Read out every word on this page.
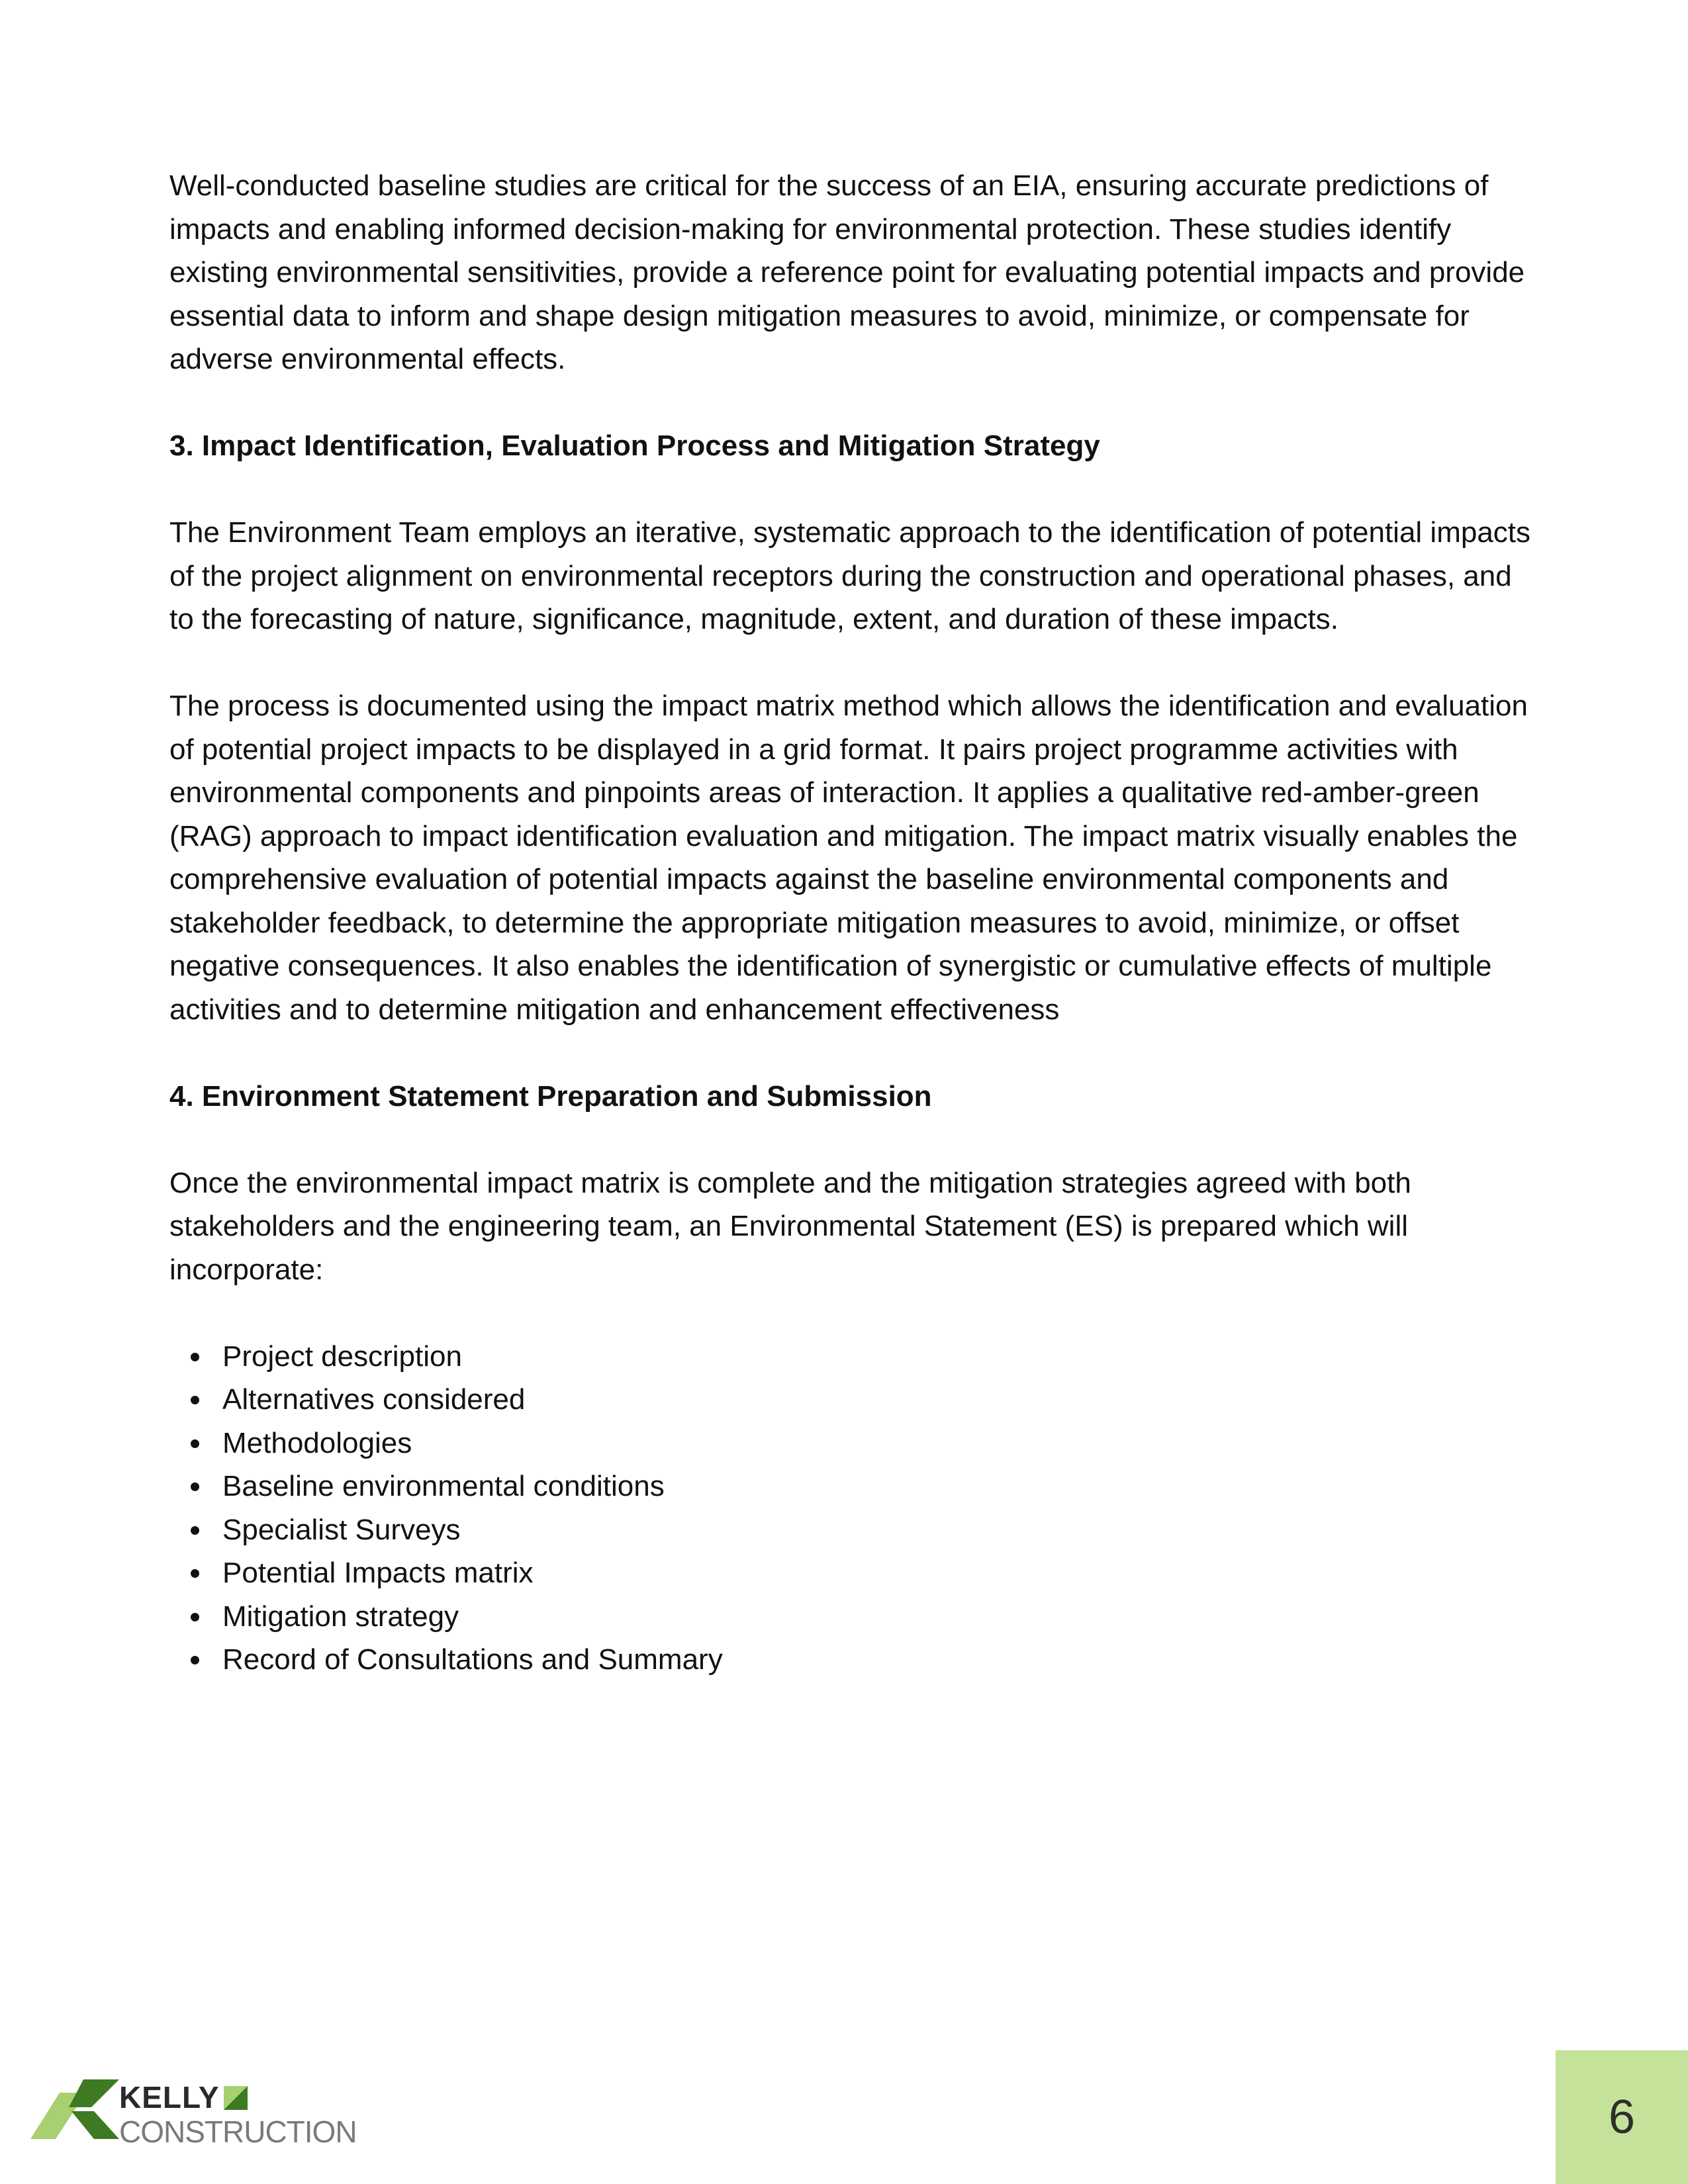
Well-conducted baseline studies are critical for the success of an EIA, ensuring accurate predictions of impacts and enabling informed decision-making for environmental protection. These studies identify existing environmental sensitivities, provide a reference point for evaluating potential impacts and provide essential data to inform and shape design mitigation measures to avoid, minimize, or compensate for adverse environmental effects.

3. Impact Identification, Evaluation Process and Mitigation Strategy

The Environment Team employs an iterative, systematic approach to the identification of potential impacts of the project alignment on environmental receptors during the construction and operational phases, and to the forecasting of nature, significance, magnitude, extent, and duration of these impacts.

The process is documented using the impact matrix method which allows the identification and evaluation of potential project impacts to be displayed in a grid format. It pairs project programme activities with environmental components and pinpoints areas of interaction. It applies a qualitative red-amber-green (RAG) approach to impact identification evaluation and mitigation. The impact matrix visually enables the comprehensive evaluation of potential impacts against the baseline environmental components and stakeholder feedback, to determine the appropriate mitigation measures to avoid, minimize, or offset negative consequences. It also enables the identification of synergistic or cumulative effects of multiple activities and to determine mitigation and enhancement effectiveness

4. Environment Statement Preparation and Submission

Once the environmental impact matrix is complete and the mitigation strategies agreed with both stakeholders and the engineering team, an Environmental Statement (ES) is prepared which will incorporate:

Project description
Alternatives considered
Methodologies
Baseline environmental conditions
Specialist Surveys
Potential Impacts matrix
Mitigation strategy
Record of Consultations and Summary
KELLY
CONSTRUCTION	6
